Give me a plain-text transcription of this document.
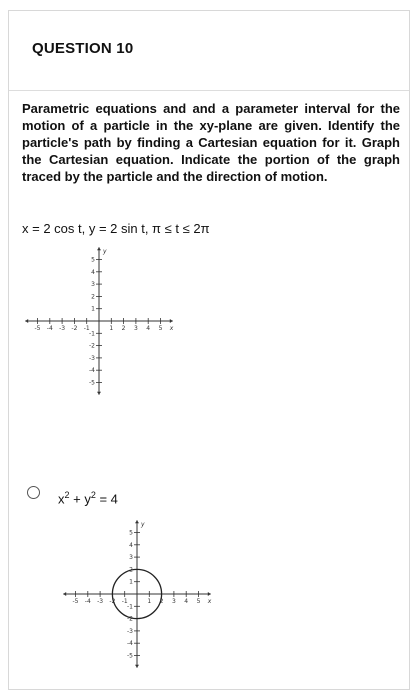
QUESTION 10
Parametric equations and and a parameter interval for the motion of a particle in the xy-plane are given. Identify the particle's path by finding a Cartesian equation for it. Graph the Cartesian equation. Indicate the portion of the graph traced by the particle and the direction of motion.
x = 2 cos t, y = 2 sin t, π ≤ t ≤ 2π
-5 -4 -3 -2 -1	1 2 3 4 5
5
4
3
2
1
-1
-2
-3
-4
-5
x
y
$x^2 + y^2 = 4$
-5 -4 -3 -2 -1	1 2 3 4 5
5
4
3
2
1
-1
-2
-3
-4
-5
x
y
